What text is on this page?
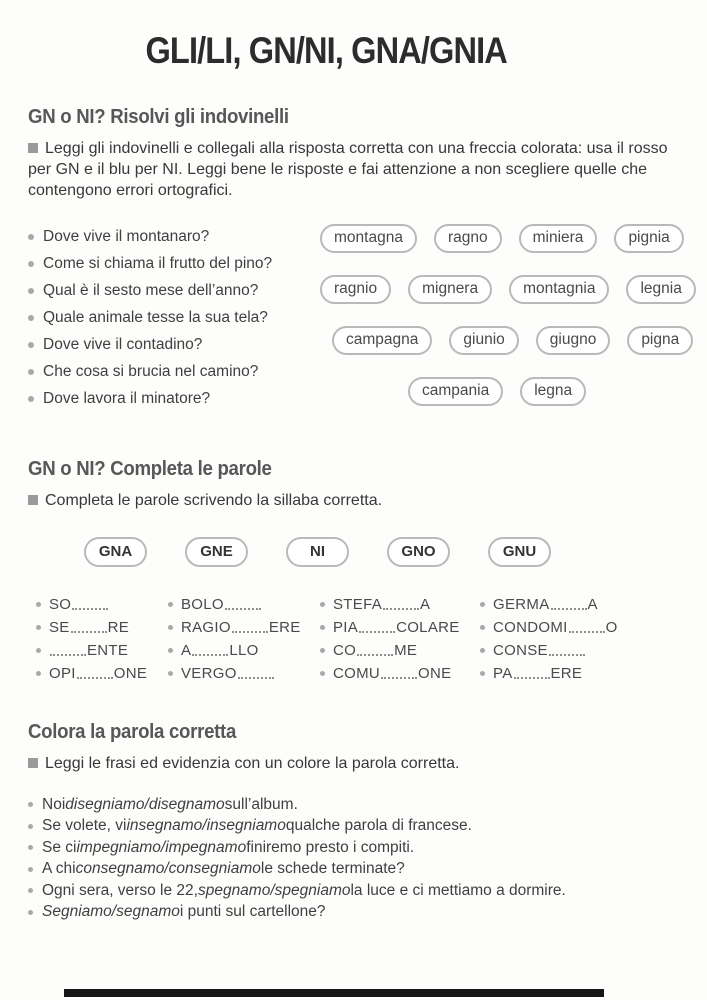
GLI/LI, GN/NI, GNA/GNIA
GN o NI? Risolvi gli indovinelli

Leggi gli indovinelli e collegali alla risposta corretta con una freccia colorata: usa il rosso per GN e il blu per NI. Leggi bene le risposte e fai attenzione a non scegliere quelle che contengono errori ortografici.

Dove vive il montanaro?
Come si chiama il frutto del pino?
Qual è il sesto mese dell’anno?
Quale animale tesse la sua tela?
Dove vive il contadino?
Che cosa si brucia nel camino?
Dove lavora il minatore?
montagna	ragno	miniera	pignia
ragnio	mignera	montagnia	legnia
campagna	giunio	giugno	pigna
campania	legna
GN o NI? Completa le parole

Completa le parole scrivendo la sillaba corretta.

GNA	GNE	NI	GNO	GNU
SO
SE	RE
ENTE
OPI	ONE
BOLO
RAGIO	ERE
A	LLO
VERGO
STEFA	A
PIA	COLARE
CO	ME
COMU	ONE
GERMA	A
CONDOMI	O
CONSE
PA	ERE
Colora la parola corretta

Leggi le frasi ed evidenzia con un colore la parola corretta.

Noi disegniamo/disegnamo sull’album.
Se volete, vi insegnamo/insegniamo qualche parola di francese.
Se ci impegniamo/impegnamo finiremo presto i compiti.
A chi consegnamo/consegniamo le schede terminate?
Ogni sera, verso le 22, spegnamo/spegniamo la luce e ci mettiamo a dormire.
Segniamo/segnamo i punti sul cartellone?
